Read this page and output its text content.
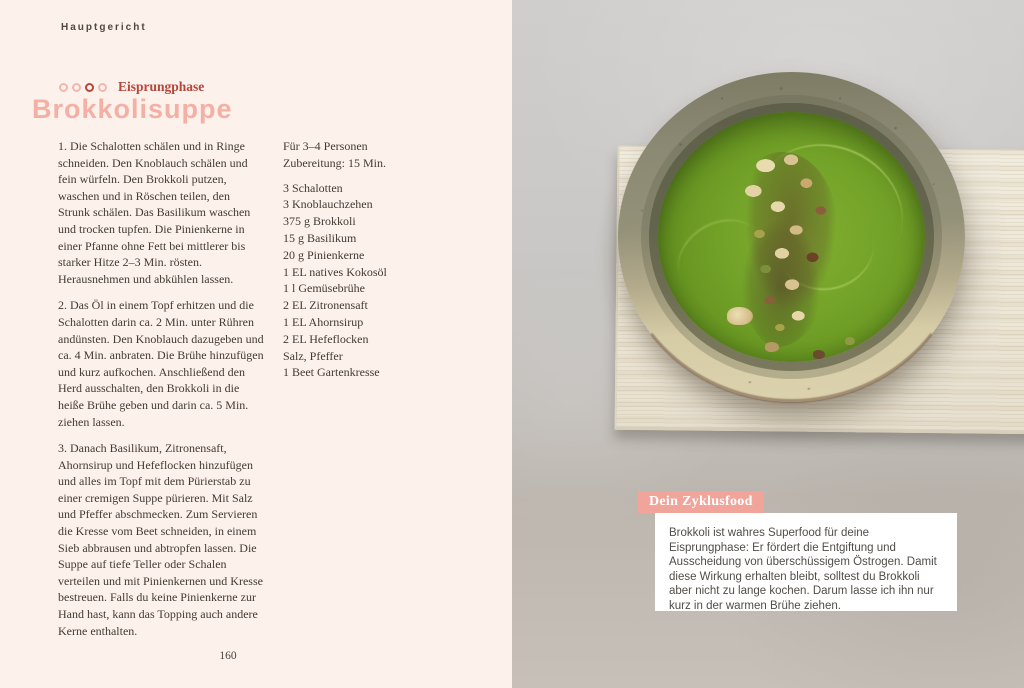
Hauptgericht
Eisprungphase
Brokkolisuppe

1. Die Schalotten schälen und in Ringe schneiden. Den Knoblauch schälen und fein würfeln. Den Brokkoli putzen, waschen und in Röschen teilen, den Strunk schälen. Das Basilikum waschen und trocken tupfen. Die Pinienkerne in einer Pfanne ohne Fett bei mittlerer bis starker Hitze 2–3 Min. rösten. Herausnehmen und abkühlen lassen.

2. Das Öl in einem Topf erhitzen und die Schalotten darin ca. 2 Min. unter Rühren andünsten. Den Knoblauch dazugeben und ca. 4 Min. anbraten. Die Brühe hinzufügen und kurz aufkochen. Anschließend den Herd ausschalten, den Brokkoli in die heiße Brühe geben und darin ca. 5 Min. ziehen lassen.

3. Danach Basilikum, Zitronensaft, Ahornsirup und Hefeflocken hinzufügen und alles im Topf mit dem Pürierstab zu einer cremigen Suppe pürieren. Mit Salz und Pfeffer abschmecken. Zum Servieren die Kresse vom Beet schneiden, in einem Sieb abbrausen und abtropfen lassen. Die Suppe auf tiefe Teller oder Schalen verteilen und mit Pinienkernen und Kresse bestreuen. Falls du keine Pinienkerne zur Hand hast, kann das Topping auch andere Kerne enthalten.

Für 3–4 Personen
Zubereitung: 15 Min.
3 Schalotten
3 Knoblauchzehen
375 g Brokkoli
15 g Basilikum
20 g Pinienkerne
1 EL natives Kokosöl
1 l Gemüsebrühe
2 EL Zitronensaft
1 EL Ahornsirup
2 EL Hefeflocken
Salz, Pfeffer
1 Beet Gartenkresse
160
Dein Zyklusfood

Brokkoli ist wahres Superfood für deine Eisprungphase: Er fördert die Entgiftung und Ausscheidung von überschüssigem Östrogen. Damit diese Wirkung erhalten bleibt, solltest du Brokkoli aber nicht zu lange kochen. Darum lasse ich ihn nur kurz in der warmen Brühe ziehen.
